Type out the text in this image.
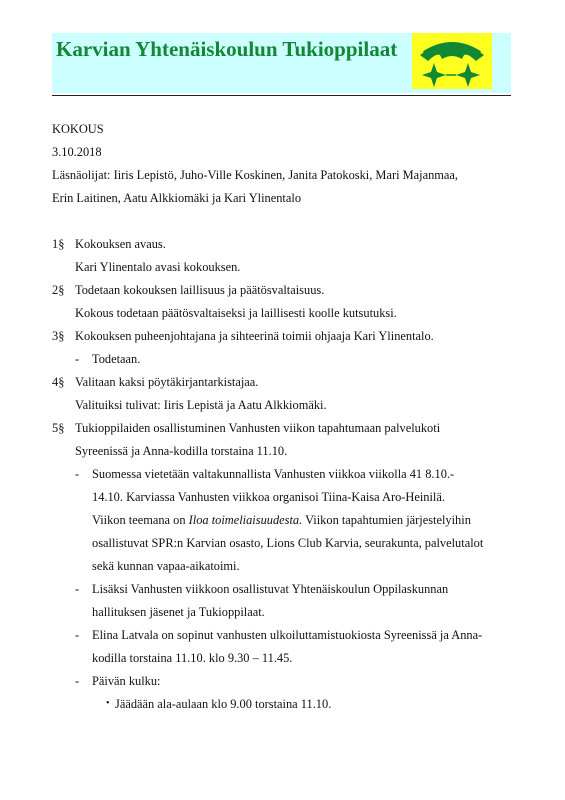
Karvian Yhtenäiskoulun Tukioppilaat
KOKOUS
3.10.2018
Läsnäolijat: Iiris Lepistö, Juho-Ville Koskinen, Janita Patokoski, Mari Majanmaa,
Erin Laitinen, Aatu Alkkiomäki ja Kari Ylinentalo
1§ Kokouksen avaus.
Kari Ylinentalo avasi kokouksen.
2§ Todetaan kokouksen laillisuus ja päätösvaltaisuus.
Kokous todetaan päätösvaltaiseksi ja laillisesti koolle kutsutuksi.
3§ Kokouksen puheenjohtajana ja sihteerinä toimii ohjaaja Kari Ylinentalo.
- Todetaan.
4§ Valitaan kaksi pöytäkirjantarkistajaa.
Valituiksi tulivat: Iiris Lepistä ja Aatu Alkkiomäki.
5§ Tukioppilaiden osallistuminen Vanhusten viikon tapahtumaan palvelukoti
Syreenissä ja Anna-kodilla torstaina 11.10.
- Suomessa vietetään valtakunnallista Vanhusten viikkoa viikolla 41 8.10.-
14.10. Karviassa Vanhusten viikkoa organisoi Tiina-Kaisa Aro-Heinilä.
Viikon teemana on Iloa toimeliaisuudesta. Viikon tapahtumien järjestelyihin
osallistuvat SPR:n Karvian osasto, Lions Club Karvia, seurakunta, palvelutalot
sekä kunnan vapaa-aikatoimi.
- Lisäksi Vanhusten viikkoon osallistuvat Yhtenäiskoulun Oppilaskunnan
hallituksen jäsenet ja Tukioppilaat.
- Elina Latvala on sopinut vanhusten ulkoiluttamistuokiosta Syreenissä ja Anna-
kodilla torstaina 11.10. klo 9.30 – 11.45.
- Päivän kulku:
• Jäädään ala-aulaan klo 9.00 torstaina 11.10.
